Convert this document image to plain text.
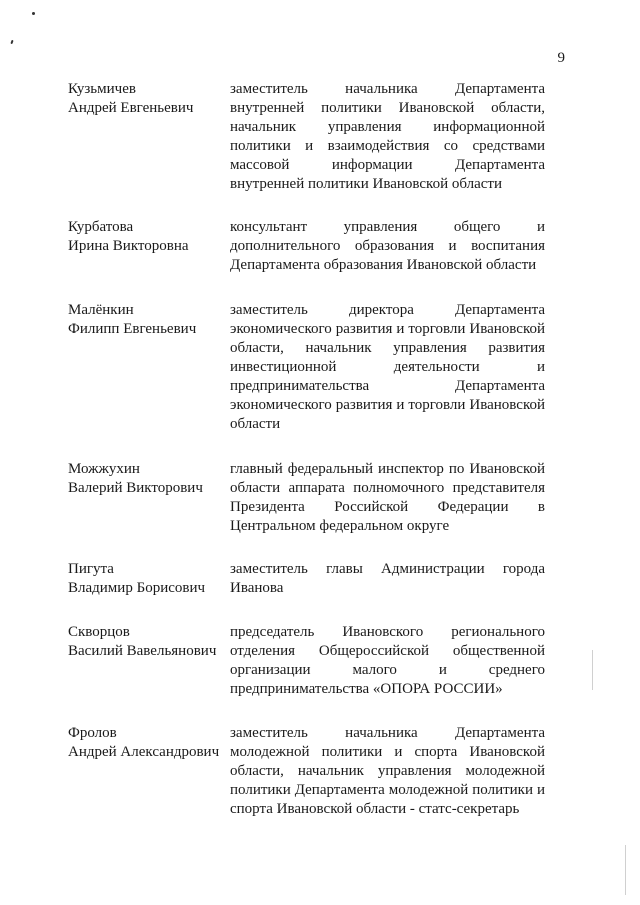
9
Кузьмичев
Андрей Евгеньевич
заместитель начальника Департамента внутренней политики Ивановской области, начальник управления информационной политики и взаимодействия со средствами массовой информации Департамента внутренней политики Ивановской области
Курбатова
Ирина Викторовна
консультант управления общего и дополнительного образования и воспитания Департамента образования Ивановской области
Малёнкин
Филипп Евгеньевич
заместитель директора Департамента экономического развития и торговли Ивановской области, начальник управления развития инвестиционной деятельности и предпринимательства Департамента экономического развития и торговли Ивановской области
Можжухин
Валерий Викторович
главный федеральный инспектор по Ивановской области аппарата полномочного представителя Президента Российской Федерации в Центральном федеральном округе
Пигута
Владимир Борисович
заместитель главы Администрации города Иванова
Скворцов
Василий Вавельянович
председатель Ивановского регионального отделения Общероссийской общественной организации малого и среднего предпринимательства «ОПОРА РОССИИ»
Фролов
Андрей Александрович
заместитель начальника Департамента молодежной политики и спорта Ивановской области, начальник управления молодежной политики Департамента молодежной политики и спорта Ивановской области - статс-секретарь
